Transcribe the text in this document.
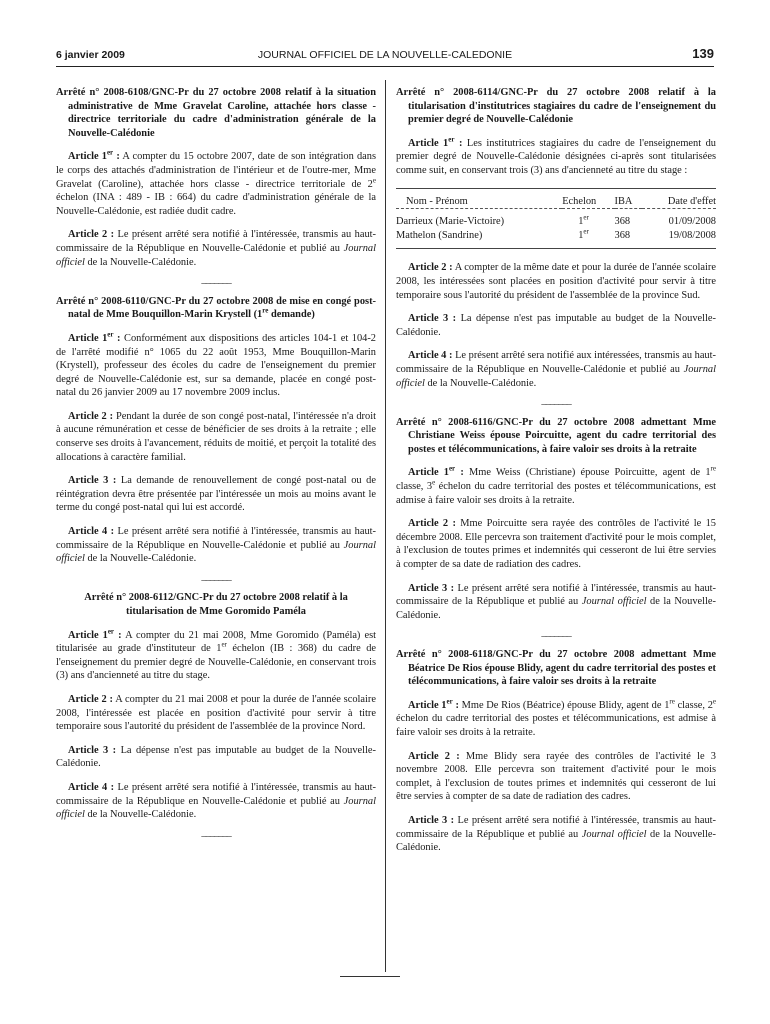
6 janvier 2009	JOURNAL OFFICIEL DE LA NOUVELLE-CALEDONIE	139
Arrêté n° 2008-6108/GNC-Pr du 27 octobre 2008 relatif à la situation administrative de Mme Gravelat Caroline, attachée hors classe - directrice territoriale du cadre d'administration générale de la Nouvelle-Calédonie

Article 1er : A compter du 15 octobre 2007, date de son intégration dans le corps des attachés d'administration de l'intérieur et de l'outre-mer, Mme Gravelat (Caroline), attachée hors classe - directrice territoriale de 2e échelon (INA : 489 - IB : 664) du cadre d'administration générale de la Nouvelle-Calédonie, est radiée dudit cadre.

Article 2 : Le présent arrêté sera notifié à l'intéressée, transmis au haut-commissaire de la République en Nouvelle-Calédonie et publié au Journal officiel de la Nouvelle-Calédonie.

_______
Arrêté n° 2008-6110/GNC-Pr du 27 octobre 2008 de mise en congé post-natal de Mme Bouquillon-Marin Krystell (1re demande)

Article 1er : Conformément aux dispositions des articles 104-1 et 104-2 de l'arrêté modifié n° 1065 du 22 août 1953, Mme Bouquillon-Marin (Krystell), professeur des écoles du cadre de l'enseignement du premier degré de Nouvelle-Calédonie est, sur sa demande, placée en congé post-natal du 26 janvier 2009 au 17 novembre 2009 inclus.

Article 2 : Pendant la durée de son congé post-natal, l'intéressée n'a droit à aucune rémunération et cesse de bénéficier de ses droits à la retraite ; elle conserve ses droits à l'avancement, réduits de moitié, et perçoit la totalité des allocations à caractère familial.

Article 3 : La demande de renouvellement de congé post-natal ou de réintégration devra être présentée par l'intéressée un mois au moins avant le terme du congé post-natal qui lui est accordé.

Article 4 : Le présent arrêté sera notifié à l'intéressée, transmis au haut-commissaire de la République en Nouvelle-Calédonie et publié au Journal officiel de la Nouvelle-Calédonie.

_______
Arrêté n° 2008-6112/GNC-Pr du 27 octobre 2008 relatif à la titularisation de Mme Goromido Paméla

Article 1er : A compter du 21 mai 2008, Mme Goromido (Paméla) est titularisée au grade d'instituteur de 1er échelon (IB : 368) du cadre de l'enseignement du premier degré de Nouvelle-Calédonie, en conservant trois (3) ans d'ancienneté au titre du stage.

Article 2 : A compter du 21 mai 2008 et pour la durée de l'année scolaire 2008, l'intéressée est placée en position d'activité pour servir à titre temporaire sous l'autorité du président de l'assemblée de la province Nord.

Article 3 : La dépense n'est pas imputable au budget de la Nouvelle-Calédonie.

Article 4 : Le présent arrêté sera notifié à l'intéressée, transmis au haut-commissaire de la République en Nouvelle-Calédonie et publié au Journal officiel de la Nouvelle-Calédonie.

_______
Arrêté n° 2008-6114/GNC-Pr du 27 octobre 2008 relatif à la titularisation d'institutrices stagiaires du cadre de l'enseignement du premier degré de Nouvelle-Calédonie

Article 1er : Les institutrices stagiaires du cadre de l'enseignement du premier degré de Nouvelle-Calédonie désignées ci-après sont titularisées comme suit, en conservant trois (3) ans d'ancienneté au titre du stage :

Nom - Prénom	Echelon	IBA	Date d'effet

Darrieux (Marie-Victoire)	1er	368	01/09/2008
Mathelon (Sandrine)	1er	368	19/08/2008

Article 2 : A compter de la même date et pour la durée de l'année scolaire 2008, les intéressées sont placées en position d'activité pour servir à titre temporaire sous l'autorité du président de l'assemblée de la province Sud.

Article 3 : La dépense n'est pas imputable au budget de la Nouvelle-Calédonie.

Article 4 : Le présent arrêté sera notifié aux intéressées, transmis au haut-commissaire de la République en Nouvelle-Calédonie et publié au Journal officiel de la Nouvelle-Calédonie.

_______
Arrêté n° 2008-6116/GNC-Pr du 27 octobre 2008 admettant Mme Christiane Weiss épouse Poircuitte, agent du cadre territorial des postes et télécommunications, à faire valoir ses droits à la retraite

Article 1er : Mme Weiss (Christiane) épouse Poircuitte, agent de 1re classe, 3e échelon du cadre territorial des postes et télécommunications, est admise à faire valoir ses droits à la retraite.

Article 2 : Mme Poircuitte sera rayée des contrôles de l'activité le 15 décembre 2008. Elle percevra son traitement d'activité pour le mois complet, à l'exclusion de toutes primes et indemnités qui cesseront de lui être servies à compter de sa date de radiation des cadres.

Article 3 : Le présent arrêté sera notifié à l'intéressée, transmis au haut-commissaire de la République et publié au Journal officiel de la Nouvelle-Calédonie.

_______
Arrêté n° 2008-6118/GNC-Pr du 27 octobre 2008 admettant Mme Béatrice De Rios épouse Blidy, agent du cadre territorial des postes et télécommunications, à faire valoir ses droits à la retraite

Article 1er : Mme De Rios (Béatrice) épouse Blidy, agent de 1re classe, 2e échelon du cadre territorial des postes et télécommunications, est admise à faire valoir ses droits à la retraite.

Article 2 : Mme Blidy sera rayée des contrôles de l'activité le 3 novembre 2008. Elle percevra son traitement d'activité pour le mois complet, à l'exclusion de toutes primes et indemnités qui cesseront de lui être servies à compter de sa date de radiation des cadres.

Article 3 : Le présent arrêté sera notifié à l'intéressée, transmis au haut-commissaire de la République et publié au Journal officiel de la Nouvelle-Calédonie.
